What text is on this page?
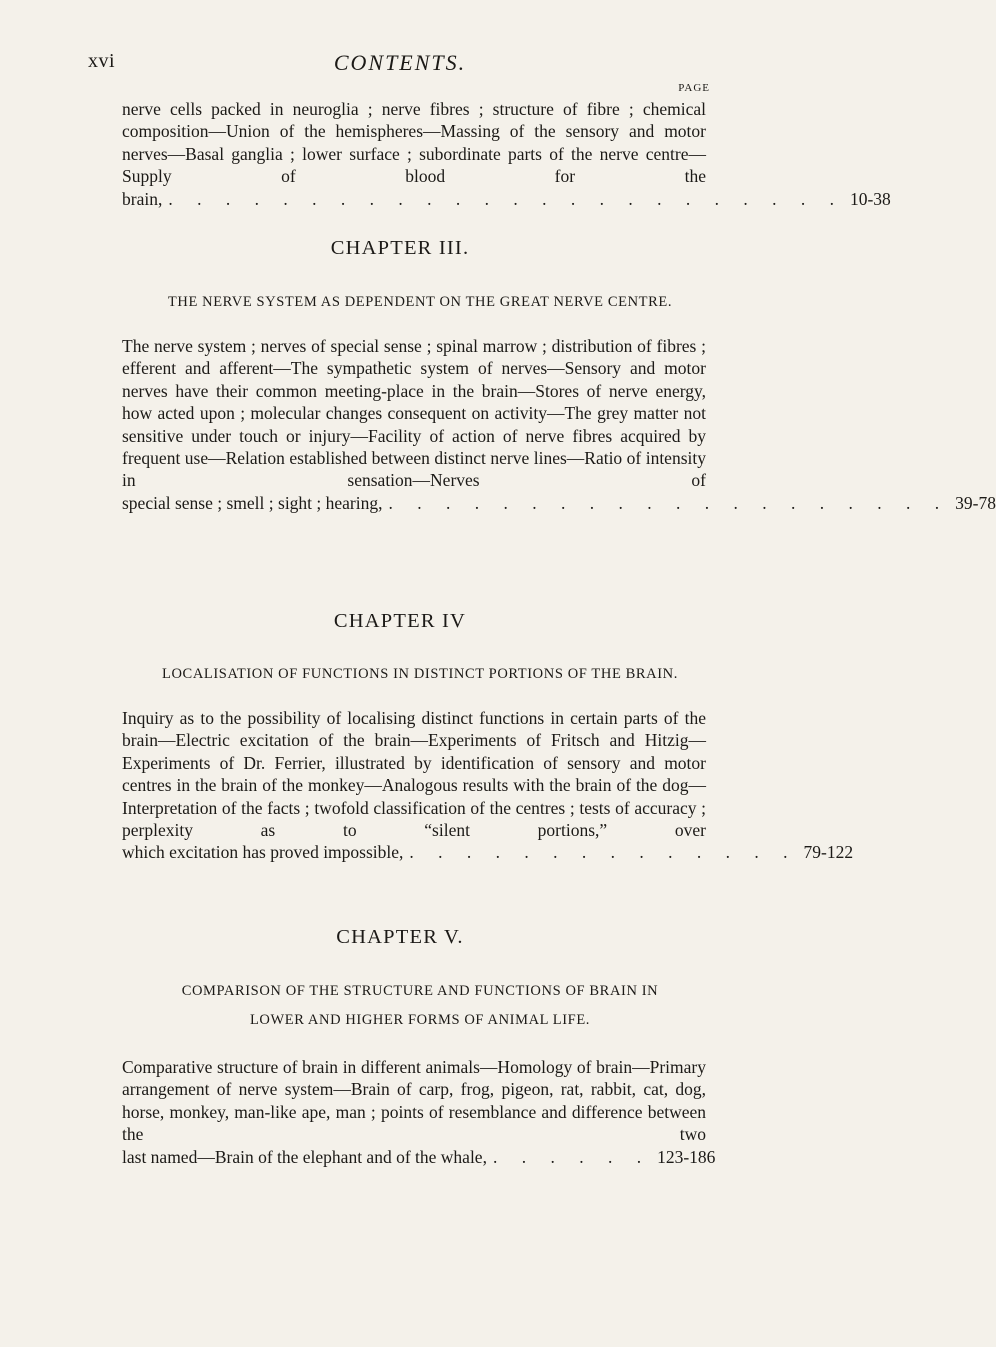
xvi	CONTENTS.
PAGE
nerve cells packed in neuroglia ; nerve fibres ; structure of fibre ; chemical composition—Union of the hemispheres—Massing of the sensory and motor nerves—Basal ganglia ; lower surface ; subordinate parts of the nerve centre—Supply of blood for the
brain, . . . . . . . . . . . . . . . . . . . . . . . . 10-38
CHAPTER III.
THE NERVE SYSTEM AS DEPENDENT ON THE GREAT NERVE CENTRE.
The nerve system ; nerves of special sense ; spinal marrow ; distribution of fibres ; efferent and afferent—The sympathetic system of nerves—Sensory and motor nerves have their common meeting-place in the brain—Stores of nerve energy, how acted upon ; molecular changes consequent on activity—The grey matter not sensitive under touch or injury—Facility of action of nerve fibres acquired by frequent use—Relation established between distinct nerve lines—Ratio of intensity in sensation—Nerves of
special sense ; smell ; sight ; hearing, . . . . . . . . . . . . . . . . . . . . 39-78
CHAPTER IV
LOCALISATION OF FUNCTIONS IN DISTINCT PORTIONS OF THE BRAIN.
Inquiry as to the possibility of localising distinct functions in certain parts of the brain—Electric excitation of the brain—Experiments of Fritsch and Hitzig—Experiments of Dr. Ferrier, illustrated by identification of sensory and motor centres in the brain of the monkey—Analogous results with the brain of the dog—Interpretation of the facts ; twofold classification of the centres ; tests of accuracy ; perplexity as to “silent portions,” over
which excitation has proved impossible, . . . . . . . . . . . . . . 79-122
CHAPTER V.
COMPARISON OF THE STRUCTURE AND FUNCTIONS OF BRAIN IN
LOWER AND HIGHER FORMS OF ANIMAL LIFE.
Comparative structure of brain in different animals—Homology of brain—Primary arrangement of nerve system—Brain of carp, frog, pigeon, rat, rabbit, cat, dog, horse, monkey, man-like ape, man ; points of resemblance and difference between the two
last named—Brain of the elephant and of the whale, . . . . . . 123-186
